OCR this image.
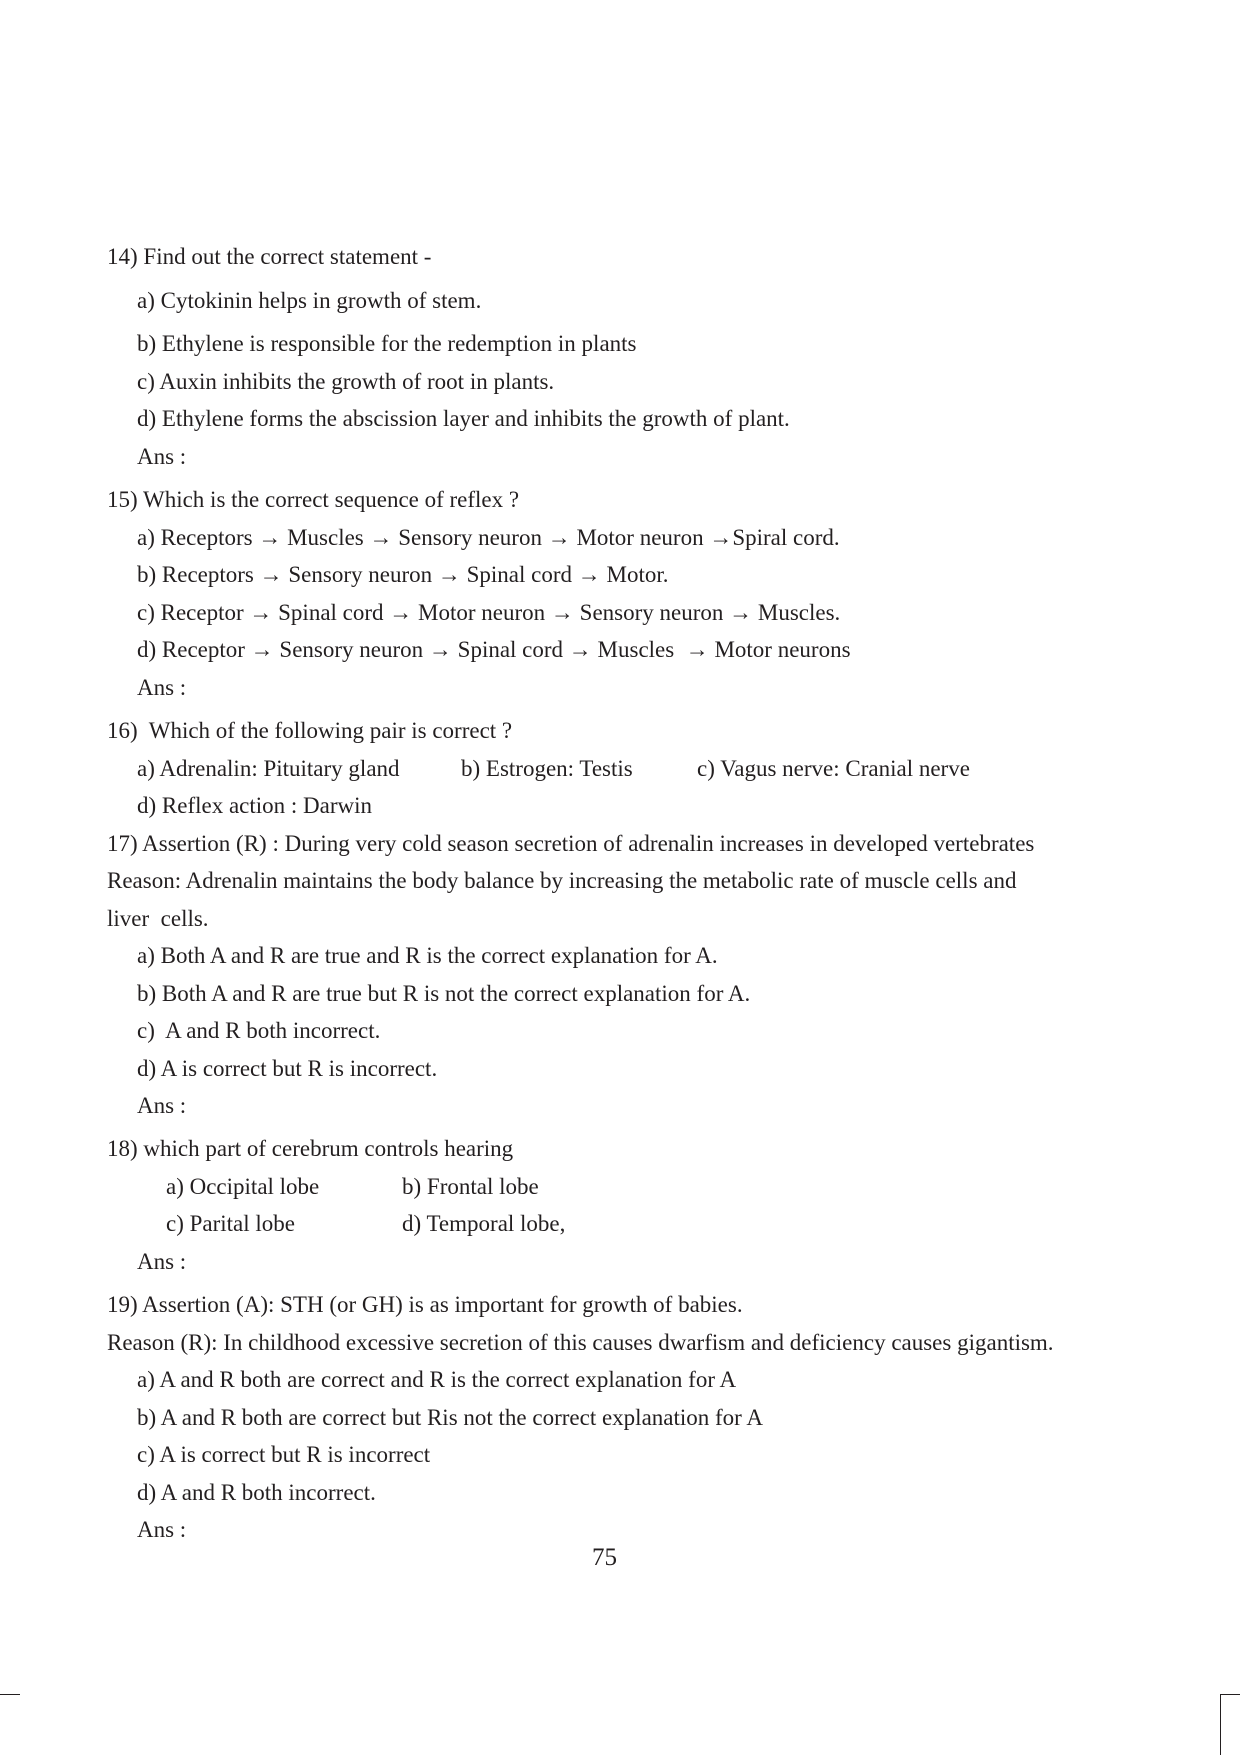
14) Find out the correct statement -
a) Cytokinin helps in growth of stem.
b) Ethylene is responsible for the redemption in plants
c) Auxin inhibits the growth of root in plants.
d) Ethylene forms the abscission layer and inhibits the growth of plant.
Ans :
15) Which is the correct sequence of reflex ?
a) Receptors → Muscles → Sensory neuron → Motor neuron →Spiral cord.
b) Receptors → Sensory neuron → Spinal cord → Motor.
c) Receptor → Spinal cord → Motor neuron → Sensory neuron → Muscles.
d) Receptor → Sensory neuron → Spinal cord → Muscles  → Motor neurons
Ans :
16)  Which of the following pair is correct ?
a) Adrenalin: Pituitary gland	b) Estrogen: Testis	c) Vagus nerve: Cranial nerve
d) Reflex action : Darwin
17) Assertion (R) : During very cold season secretion of adrenalin increases in developed vertebrates
Reason: Adrenalin maintains the body balance by increasing the metabolic rate of muscle cells and
liver  cells.
a) Both A and R are true and R is the correct explanation for A.
b) Both A and R are true but R is not the correct explanation for A.
c)  A and R both incorrect.
d) A is correct but R is incorrect.
Ans :
18) which part of cerebrum controls hearing
a) Occipital lobe	b) Frontal lobe
c) Parital lobe	d) Temporal lobe,
Ans :
19) Assertion (A): STH (or GH) is as important for growth of babies.
Reason (R): In childhood excessive secretion of this causes dwarfism and deficiency causes gigantism.
a) A and R both are correct and R is the correct explanation for A
b) A and R both are correct but Ris not the correct explanation for A
c) A is correct but R is incorrect
d) A and R both incorrect.
Ans :
75
